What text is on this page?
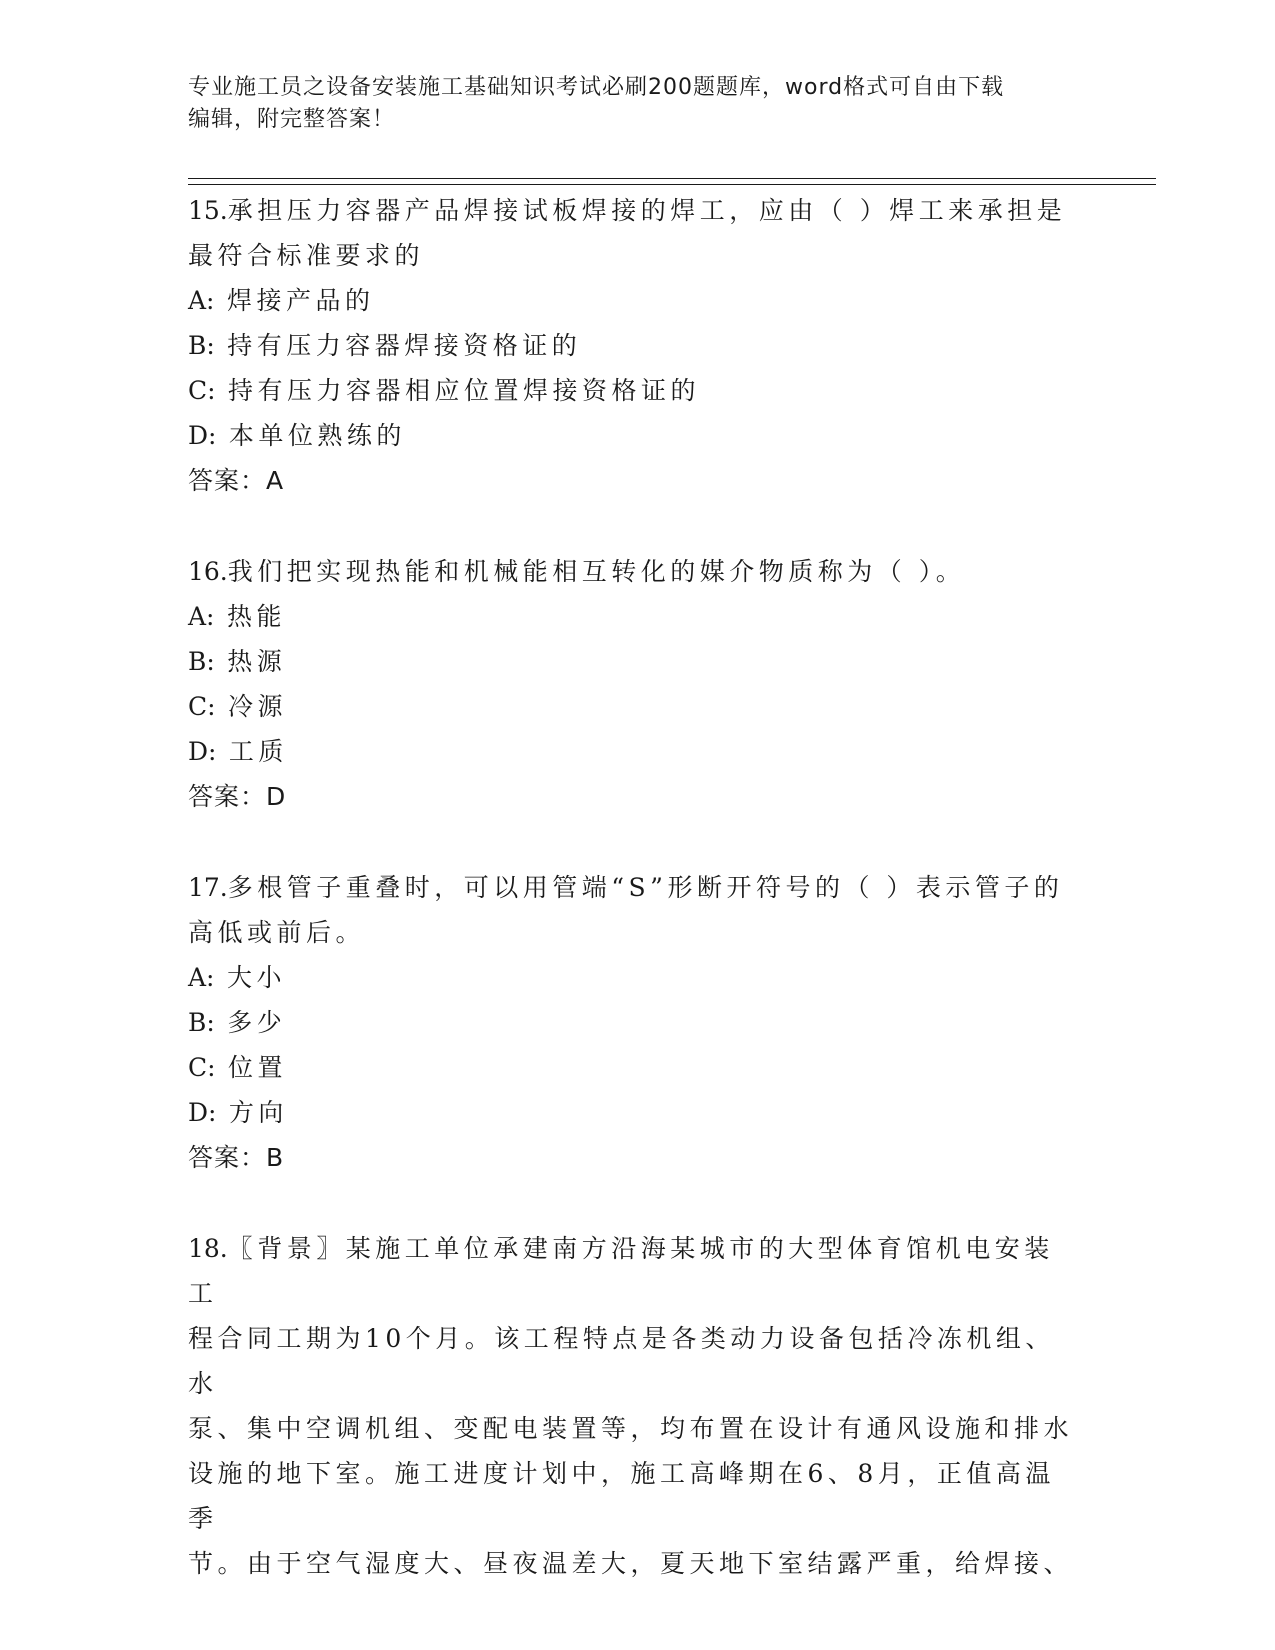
专业施工员之设备安装施工基础知识考试必刷200题题库，word格式可自由下载
编辑，附完整答案！
15.承担压力容器产品焊接试板焊接的焊工，应由（ ）焊工来承担是
最符合标准要求的
A: 焊接产品的
B: 持有压力容器焊接资格证的
C: 持有压力容器相应位置焊接资格证的
D: 本单位熟练的
答案：A
16.我们把实现热能和机械能相互转化的媒介物质称为（ ）。
A: 热能
B: 热源
C: 冷源
D: 工质
答案：D
17.多根管子重叠时，可以用管端“S”形断开符号的（ ）表示管子的
高低或前后。
A: 大小
B: 多少
C: 位置
D: 方向
答案：B
18.〖背景〗某施工单位承建南方沿海某城市的大型体育馆机电安装工
程合同工期为10个月。该工程特点是各类动力设备包括冷冻机组、水
泵、集中空调机组、变配电装置等，均布置在设计有通风设施和排水
设施的地下室。施工进度计划中，施工高峰期在6、8月，正值高温季
节。由于空气湿度大、昼夜温差大，夏天地下室结露严重，给焊接、
